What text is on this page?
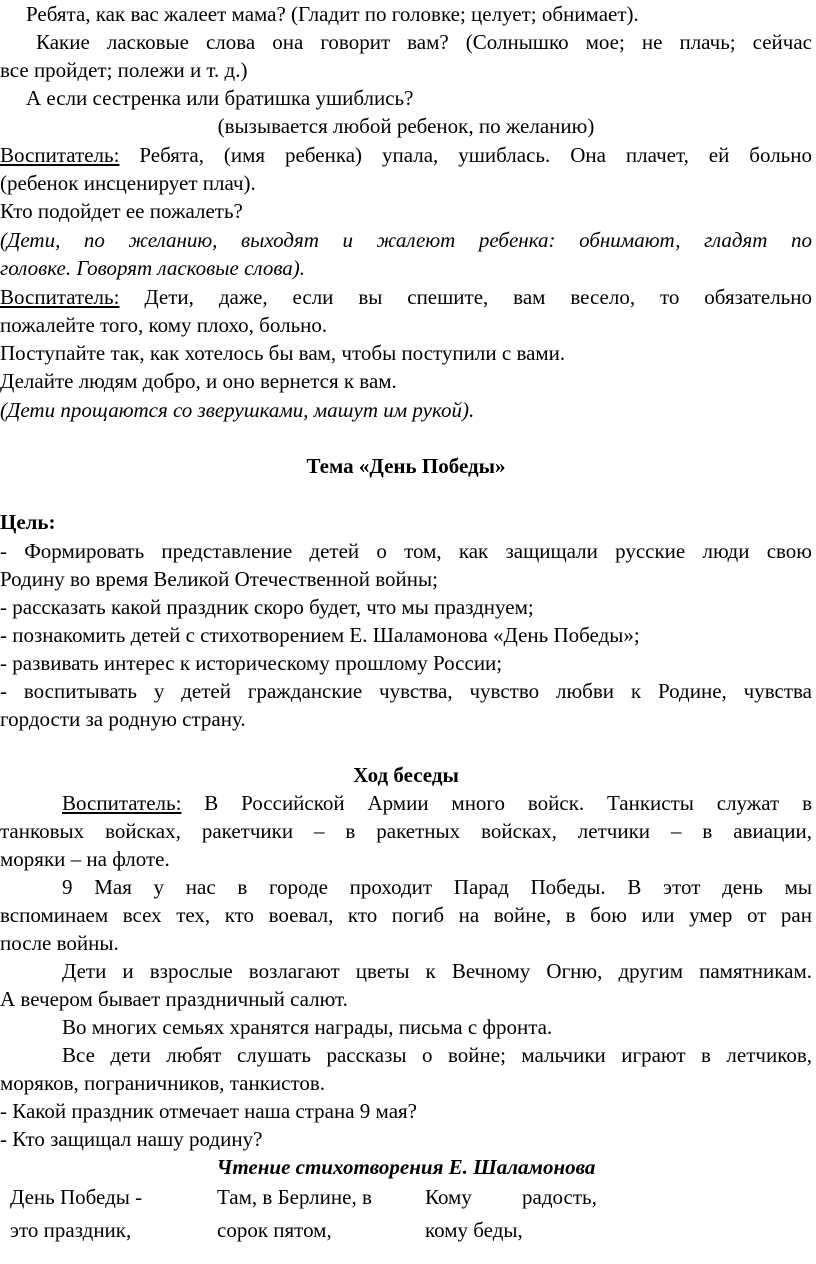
Ребята, как вас жалеет мама? (Гладит по головке; целует; обнимает).
Какие ласковые слова она говорит вам? (Солнышко мое; не плачь; сейчас
все пройдет; полежи и т. д.)
А если сестренка или братишка ушиблись?
(вызывается любой ребенок, по желанию)
Воспитатель: Ребята, (имя ребенка) упала, ушиблась. Она плачет, ей больно
(ребенок инсценирует плач).
Кто подойдет ее пожалеть?
(Дети, по желанию, выходят и жалеют ребенка: обнимают, гладят по
головке. Говорят ласковые слова).
Воспитатель: Дети, даже, если вы спешите, вам весело, то обязательно
пожалейте того, кому плохо, больно.
Поступайте так, как хотелось бы вам, чтобы поступили с вами.
Делайте людям добро, и оно вернется к вам.
(Дети прощаются со зверушками, машут им рукой).
Тема «День Победы»
Цель:
- Формировать представление детей о том, как защищали русские люди свою
Родину во время Великой Отечественной войны;
- рассказать какой праздник скоро будет, что мы празднуем;
- познакомить детей с стихотворением Е. Шаламонова «День Победы»;
- развивать интерес к историческому прошлому России;
- воспитывать у детей гражданские чувства, чувство любви к Родине, чувства
гордости за родную страну.
Ход беседы
Воспитатель: В Российской Армии много войск. Танкисты служат в
танковых войсках, ракетчики – в ракетных войсках, летчики – в авиации,
моряки – на флоте.
9 Мая у нас в городе проходит Парад Победы. В этот день мы
вспоминаем всех тех, кто воевал, кто погиб на войне, в бою или умер от ран
после войны.
Дети и взрослые возлагают цветы к Вечному Огню, другим памятникам.
А вечером бывает праздничный салют.
Во многих семьях хранятся награды, письма с фронта.
Все дети любят слушать рассказы о войне; мальчики играют в летчиков,
моряков, пограничников, танкистов.
- Какой праздник отмечает наша страна 9 мая?
- Кто защищал нашу родину?
Чтение стихотворения Е. Шаламонова
День Победы -
это праздник,
Там, в Берлине, в
сорок пятом,
Кому
кому беды,
радость,
